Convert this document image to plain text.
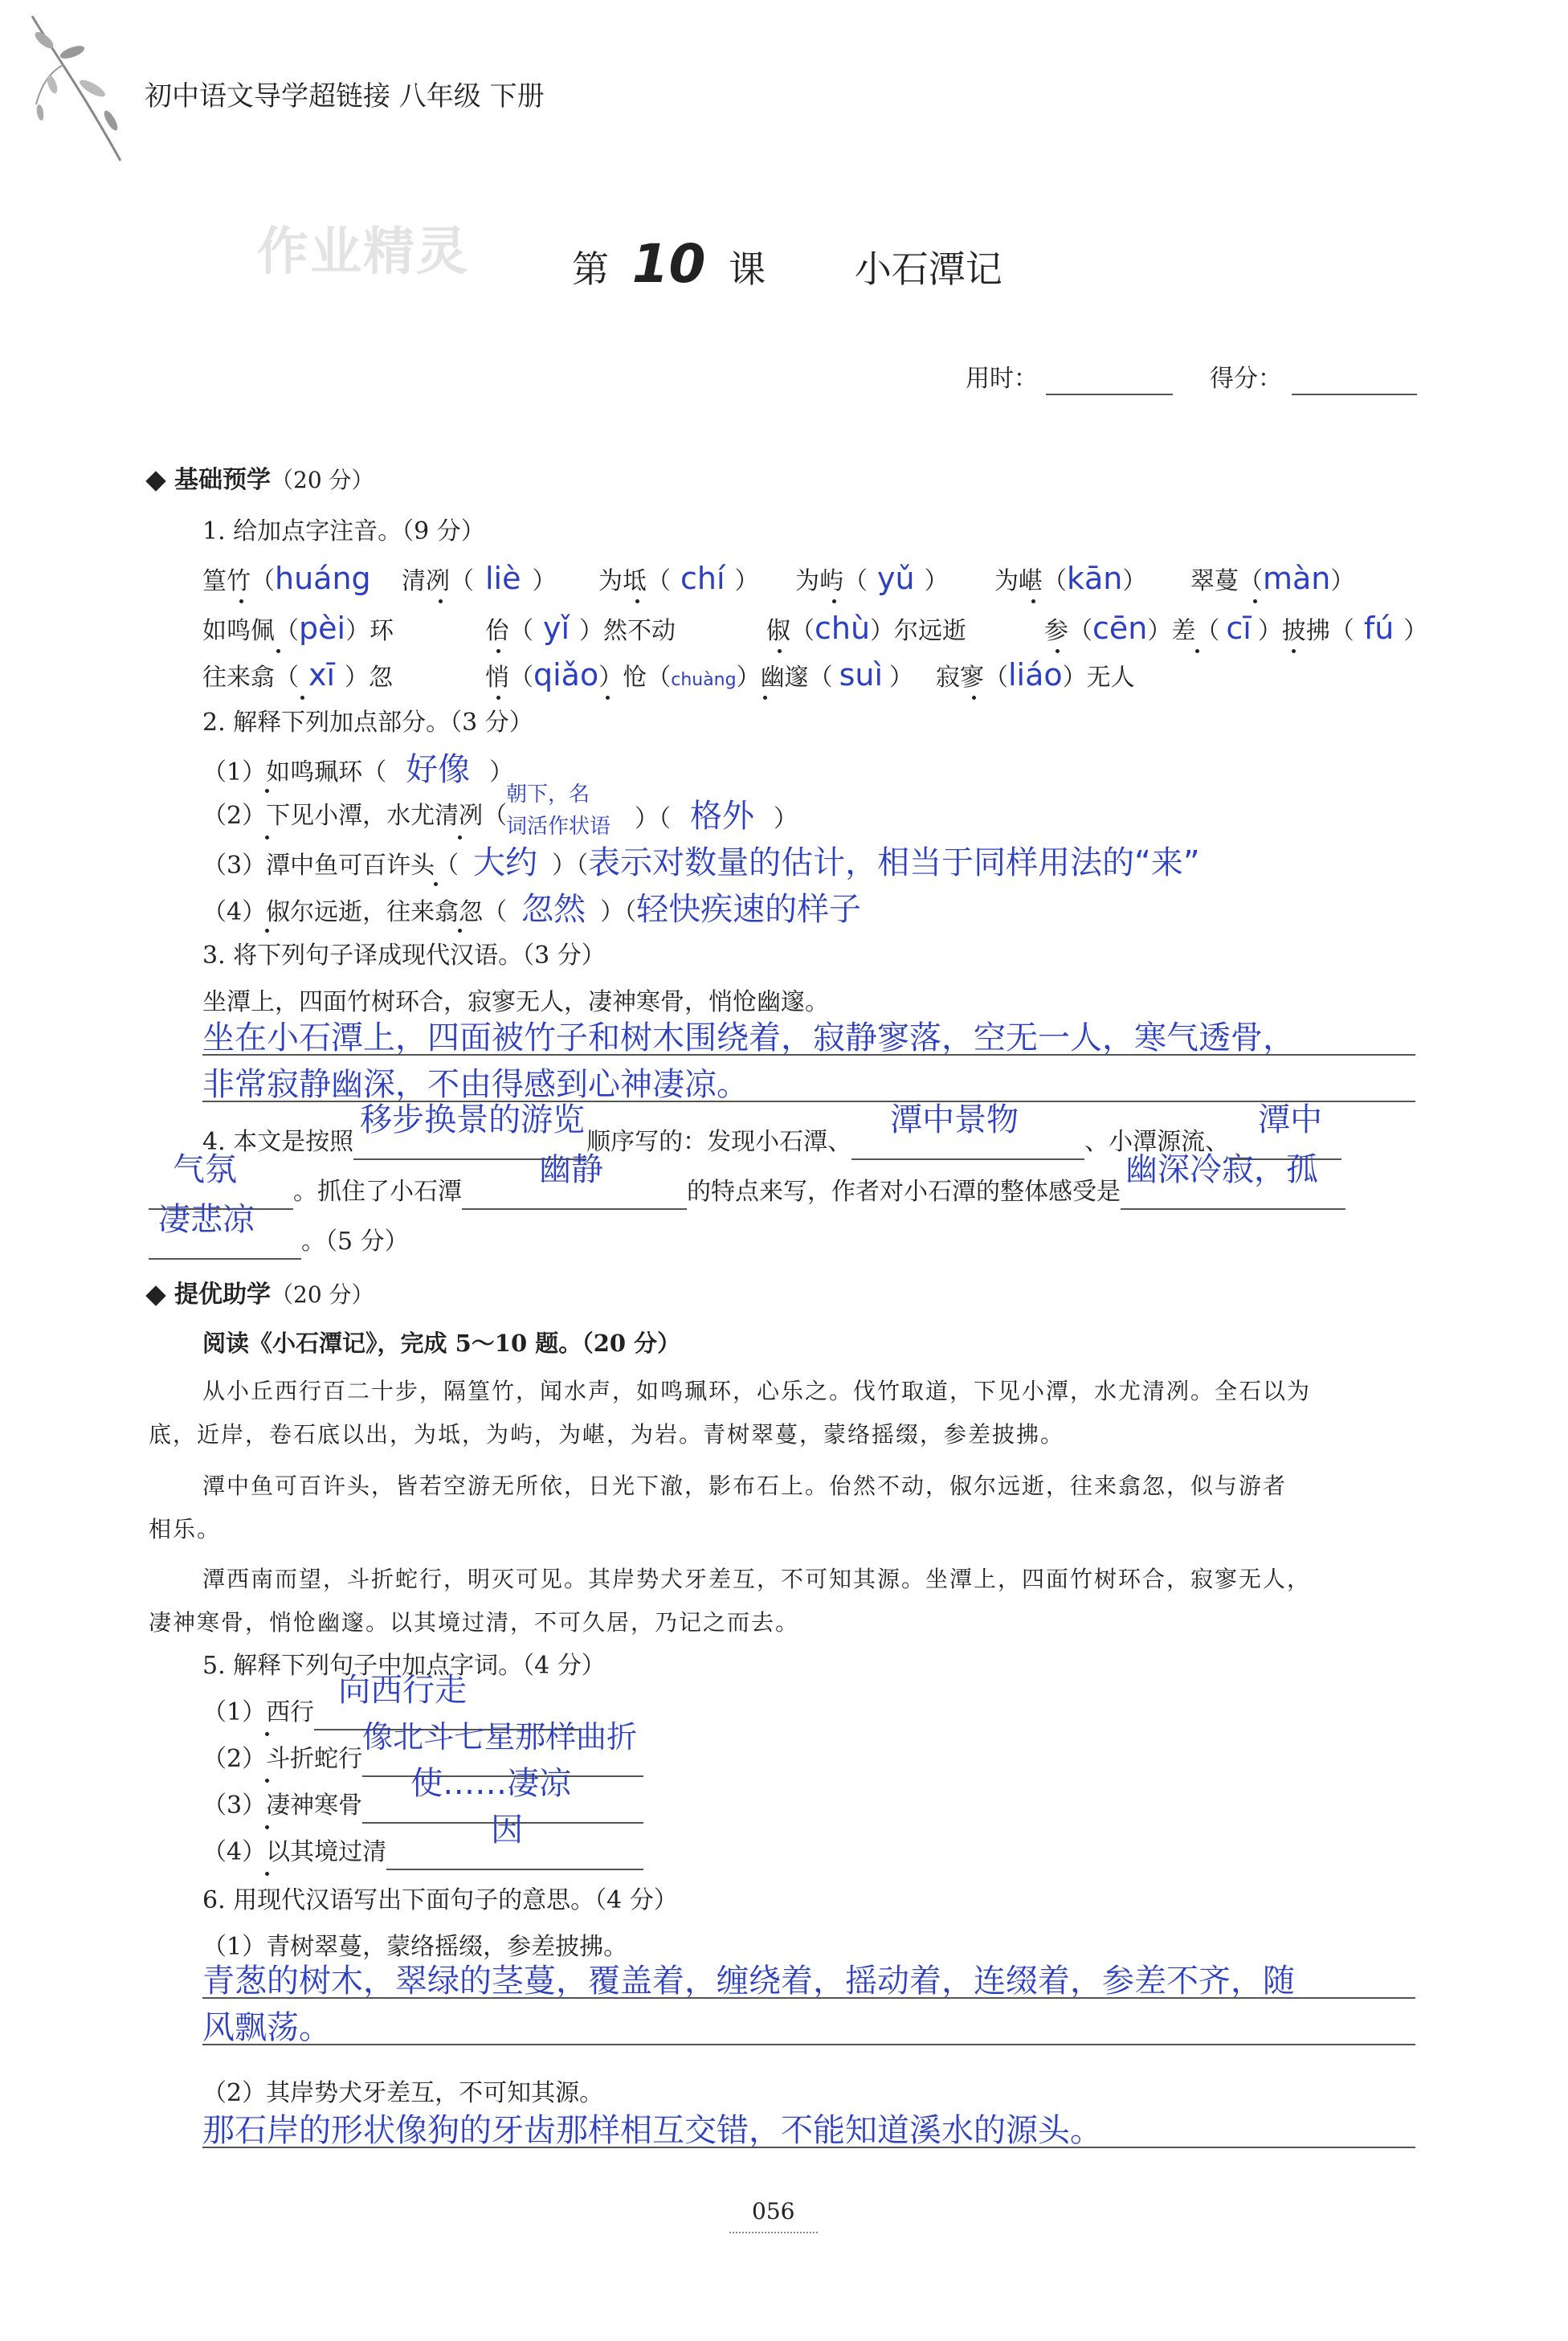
初中语文导学超链接 八年级 下册
作业精灵	第 10 课 小石潭记
用时：	得分：
基础预学（20 分）
1. 给加点字注音。（9 分）
篁竹（huáng 清冽（ liè ） 为坻（ chí ） 为屿（ yǔ ） 为嵁（kān） 翠蔓（màn）
如鸣佩（pèi）环	佁（ yǐ ）然不动	俶（chù）尔远逝	参（cēn）差（ cī ）披拂（ fú ）
往来翕（ xī ）忽	悄（qiǎo）怆（chuàng）幽邃（ suì ） 寂寥（liáo）无人
2. 解释下列加点部分。（3 分）
（1）如鸣珮环（ 好像 ）
（2）下见小潭，水尤清冽（
朝下，名
词活作状语 ）（ 格外 ）
（3）潭中鱼可百许头（ 大约 ）（表示对数量的估计，相当于同样用法的“来”
（4）俶尔远逝，往来翕忽（ 忽然 ）（轻快疾速的样子
3. 将下列句子译成现代汉语。（3 分）
坐潭上，四面竹树环合，寂寥无人，凄神寒骨，悄怆幽邃。
坐在小石潭上，四面被竹子和树木围绕着，寂静寥落，空无一人，寒气透骨，
非常寂静幽深，不由得感到心神凄凉。
4. 本文是按照
移步换景的游览
顺序写的：发现小石潭、
潭中景物
、小潭源流、
潭中

气氛
。抓住了小石潭
幽静
的特点来写，作者对小石潭的整体感受是
幽深冷寂，孤

凄悲凉
。（5 分）
提优助学（20 分）
阅读《小石潭记》，完成 5～10 题。（20 分）
从小丘西行百二十步，隔篁竹，闻水声，如鸣珮环，心乐之。伐竹取道，下见小潭，水尤清冽。全石以为
底，近岸，卷石底以出，为坻，为屿，为嵁，为岩。青树翠蔓，蒙络摇缀，参差披拂。
潭中鱼可百许头，皆若空游无所依，日光下澈，影布石上。佁然不动，俶尔远逝，往来翕忽，似与游者
相乐。
潭西南而望，斗折蛇行，明灭可见。其岸势犬牙差互，不可知其源。坐潭上，四面竹树环合，寂寥无人，
凄神寒骨，悄怆幽邃。以其境过清，不可久居，乃记之而去。
5. 解释下列句子中加点字词。（4 分）
（1）西行
向西行走

（2）斗折蛇行
像北斗七星那样曲折

（3）凄神寒骨
使……凄凉

（4）以其境过清
因

6. 用现代汉语写出下面句子的意思。（4 分）
（1）青树翠蔓，蒙络摇缀，参差披拂。
青葱的树木，翠绿的茎蔓，覆盖着，缠绕着，摇动着，连缀着，参差不齐，随
风飘荡。
（2）其岸势犬牙差互，不可知其源。
那石岸的形状像狗的牙齿那样相互交错，不能知道溪水的源头。
056
